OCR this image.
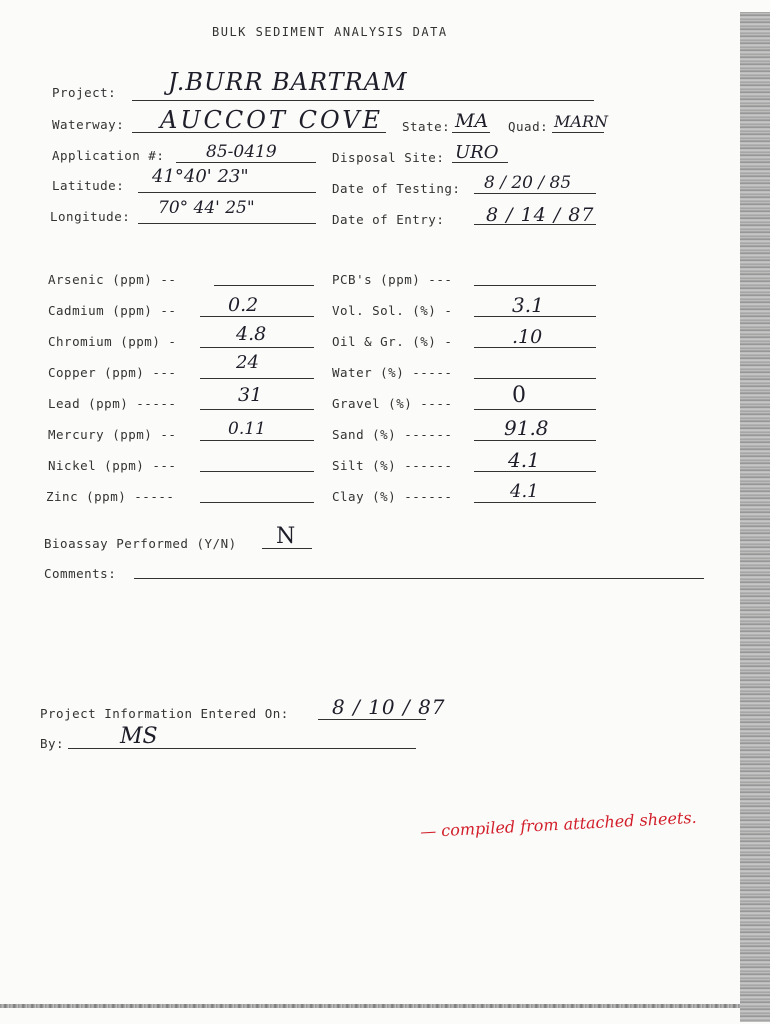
BULK SEDIMENT ANALYSIS DATA
Project: J.BURR BARTRAM
Waterway: AUCCOT COVE State: MA Quad: MARN
Application #: 85-0419	Disposal Site: URO
Latitude: 41°40' 23"
Date of Testing: 8 / 20 / 85
Longitude: 70° 44' 25"
Date of Entry: 8 / 14 / 87
Arsenic (ppm) --
Cadmium (ppm) --	0.2
Chromium (ppm) -	4.8
Copper (ppm) ---	24
Lead (ppm) -----	31
Mercury (ppm) --	0.11
Nickel (ppm) ---
Zinc (ppm) -----
PCB's (ppm) ---
Vol. Sol. (%) -	3.1
Oil & Gr. (%) -	.10
Water (%) -----
Gravel (%) ----	0
Sand (%) ------	91.8
Silt (%) ------	4.1
Clay (%) ------	4.1
Bioassay Performed (Y/N) N
Comments:
Project Information Entered On: 8 / 10 / 87
By:	MS
— compiled from attached sheets.
